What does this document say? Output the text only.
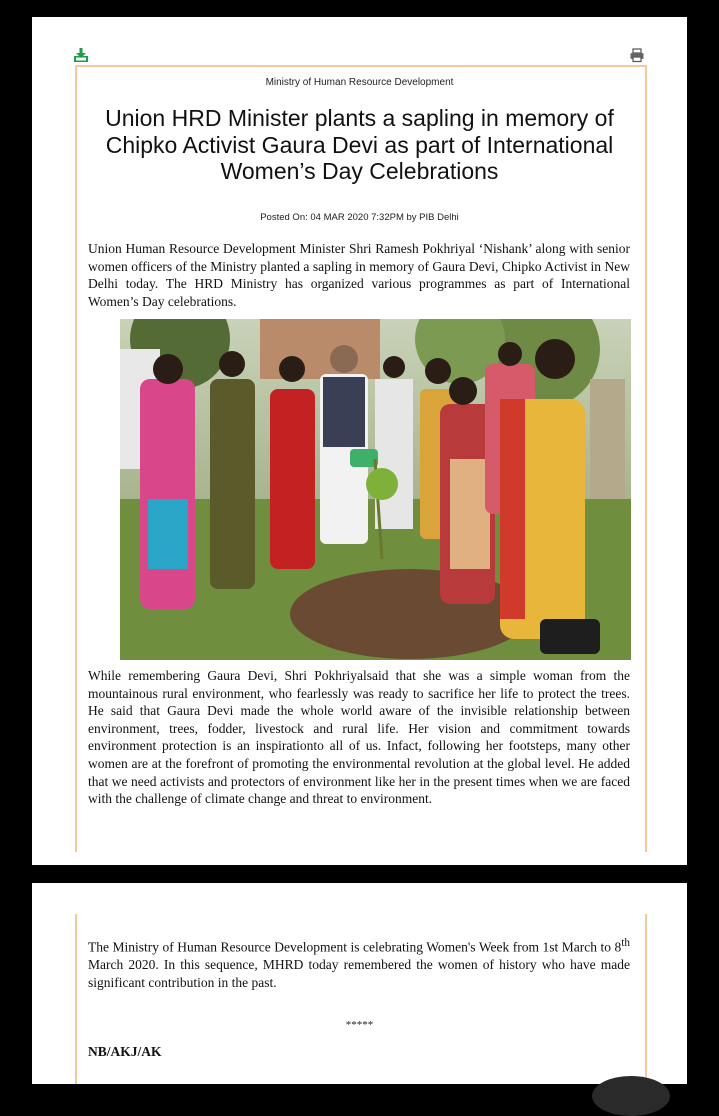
Ministry of Human Resource Development
Union HRD Minister plants a sapling in memory of Chipko Activist Gaura Devi as part of International Women’s Day Celebrations
Posted On: 04 MAR 2020 7:32PM by PIB Delhi

Union Human Resource Development Minister Shri Ramesh Pokhriyal ‘Nishank’ along with senior women officers of the Ministry planted a sapling in memory of Gaura Devi, Chipko Activist in New Delhi today. The HRD Ministry has organized various programmes as part of International Women’s Day celebrations.

While remembering Gaura Devi, Shri Pokhriyalsaid that she was a simple woman from the mountainous rural environment, who fearlessly was ready to sacrifice her life to protect the trees. He said that Gaura Devi made the whole world aware of the invisible relationship between environment, trees, fodder, livestock and rural life. Her vision and commitment towards environment protection is an inspirationto all of us. Infact, following her footsteps, many other women are at the forefront of promoting the environmental revolution at the global level. He added that we need activists and protectors of environment like her in the present times when we are faced with the challenge of climate change and threat to environment.

The Ministry of Human Resource Development is celebrating Women's Week from 1st March to 8th March 2020. In this sequence, MHRD today remembered the women of history who have made significant contribution in the past.

*****
NB/AKJ/AK
